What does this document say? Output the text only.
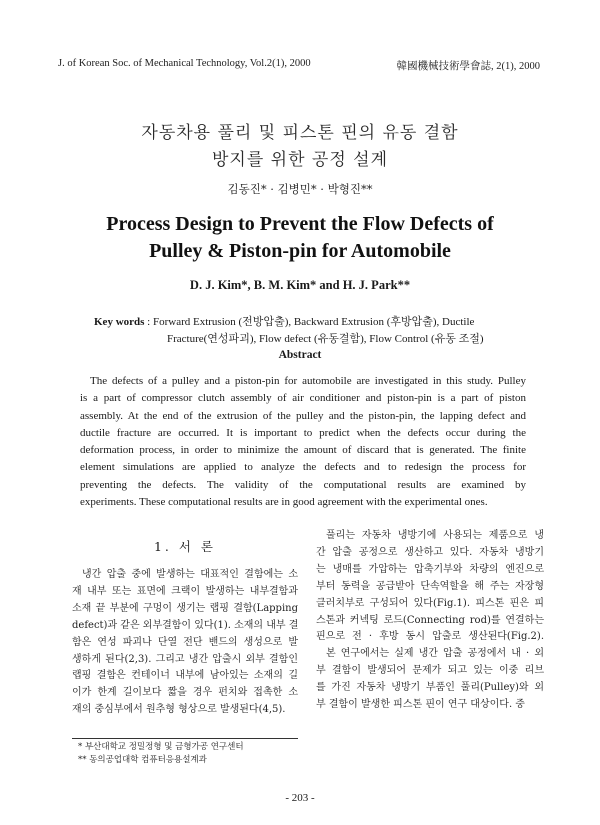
J. of Korean Soc. of Mechanical Technology, Vol.2(1), 2000	韓國機械技術學會誌, 2(1), 2000
자동차용 풀리 및 피스톤 핀의 유동 결함
방지를 위한 공정 설계
김동진* · 김병민* · 박형진**
Process Design to Prevent the Flow Defects of
Pulley & Piston-pin for Automobile
D. J. Kim*, B. M. Kim* and H. J. Park**
Key words : Forward Extrusion (전방압출), Backward Extrusion (후방압출), Ductile
Fracture(연성파괴), Flow defect (유동결함), Flow Control (유동 조절)
Abstract
The defects of a pulley and a piston-pin for automobile are investigated in this study. Pulley
is a part of compressor clutch assembly of air conditioner and piston-pin is a part of piston
assembly. At the end of the extrusion of the pulley and the piston-pin, the lapping defect and
ductile fracture are occurred. It is important to predict when the defects occur during the
deformation process, in order to minimize the amount of discard that is generated. The finite
element simulations are applied to analyze the defects and to redesign the process for
preventing the defects. The validity of the computational results are examined by
experiments. These computational results are in good agreement with the experimental ones.
1. 서 론
냉간 압출 중에 발생하는 대표적인 결함에는 소
재 내부 또는 표면에 크랙이 발생하는 내부결함과
소재 끝 부분에 구멍이 생기는 랩핑 결함(Lapping
defect)과 같은 외부결함이 있다(1). 소재의 내부 결
함은 연성 파괴나 단열 전단 밴드의 생성으로 발
생하게 된다(2,3). 그리고 냉간 압출시 외부 결함인
랩핑 결함은 컨테이너 내부에 남아있는 소재의 길
이가 한계 길이보다 짧을 경우 펀치와 접촉한 소
재의 중심부에서 원추형 형상으로 발생된다(4,5).
풀리는 자동차 냉방기에 사용되는 제품으로 냉
간 압출 공정으로 생산하고 있다. 자동차 냉방기
는 냉매를 가압하는 압축기부와 차량의 엔진으로
부터 동력을 공급받아 단속역할을 해 주는 자장형
클러치부로 구성되어 있다(Fig.1). 피스톤 핀은 피
스톤과 커넥팅 로드(Connecting rod)를 연결하는
핀으로 전 · 후방 동시 압출로 생산된다(Fig.2).
본 연구에서는 실제 냉간 압출 공정에서 내 · 외
부 결함이 발생되어 문제가 되고 있는 이중 리브
를 가진 자동차 냉방기 부품인 풀리(Pulley)와 외
부 결함이 발생한 피스톤 핀이 연구 대상이다. 중
* 부산대학교 정밀정형 및 금형가공 연구센터
** 동의공업대학 컴퓨터응용설계과
- 203 -
